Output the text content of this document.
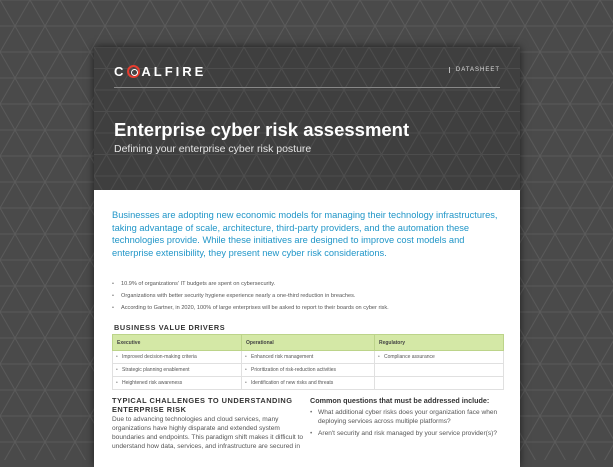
C ALFIRE	DATASHEET
Enterprise cyber risk assessment
Defining your enterprise cyber risk posture

Businesses are adopting new economic models for managing their technology infrastructures, taking advantage of scale, architecture, third-party providers, and the automation these technologies provide. While these initiatives are designed to improve cost models and enterprise extensibility, they present new cyber risk considerations.

• 10.9% of organizations' IT budgets are spent on cybersecurity.
• Organizations with better security hygiene experience nearly a one-third reduction in breaches.
• According to Gartner, in 2020, 100% of large enterprises will be asked to report to their boards on cyber risk.
BUSINESS VALUE DRIVERS
Executive	Operational	Regulatory
• Improved decision-making criteria	• Enhanced risk management	• Compliance assurance
• Strategic planning enablement	• Prioritization of risk-reduction activities	
• Heightened risk awareness	• Identification of new risks and threats	
TYPICAL CHALLENGES TO UNDERSTANDING ENTERPRISE RISK

Due to advancing technologies and cloud services, many organizations have highly disparate and extended system boundaries and endpoints. This paradigm shift makes it difficult to understand how data, services, and infrastructure are secured in

Common questions that must be addressed include:
• What additional cyber risks does your organization face when deploying services across multiple platforms?
• Aren't security and risk managed by your service provider(s)?
